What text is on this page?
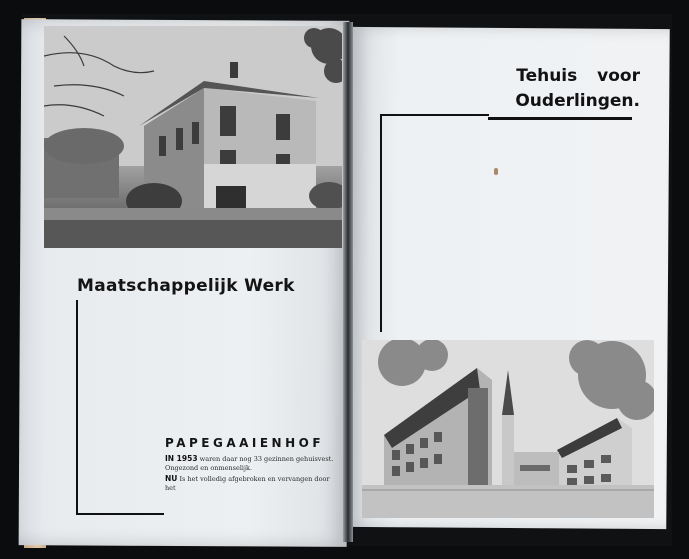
Maatschappelijk Werk
PAPEGAAIENHOF
IN 1953 waren daar nog 33 gezinnen gehuisvest. Ongezond en onmenselijk.
NU Is het volledig afgebroken en vervangen door het
Tehuis voor
Ouderlingen.
